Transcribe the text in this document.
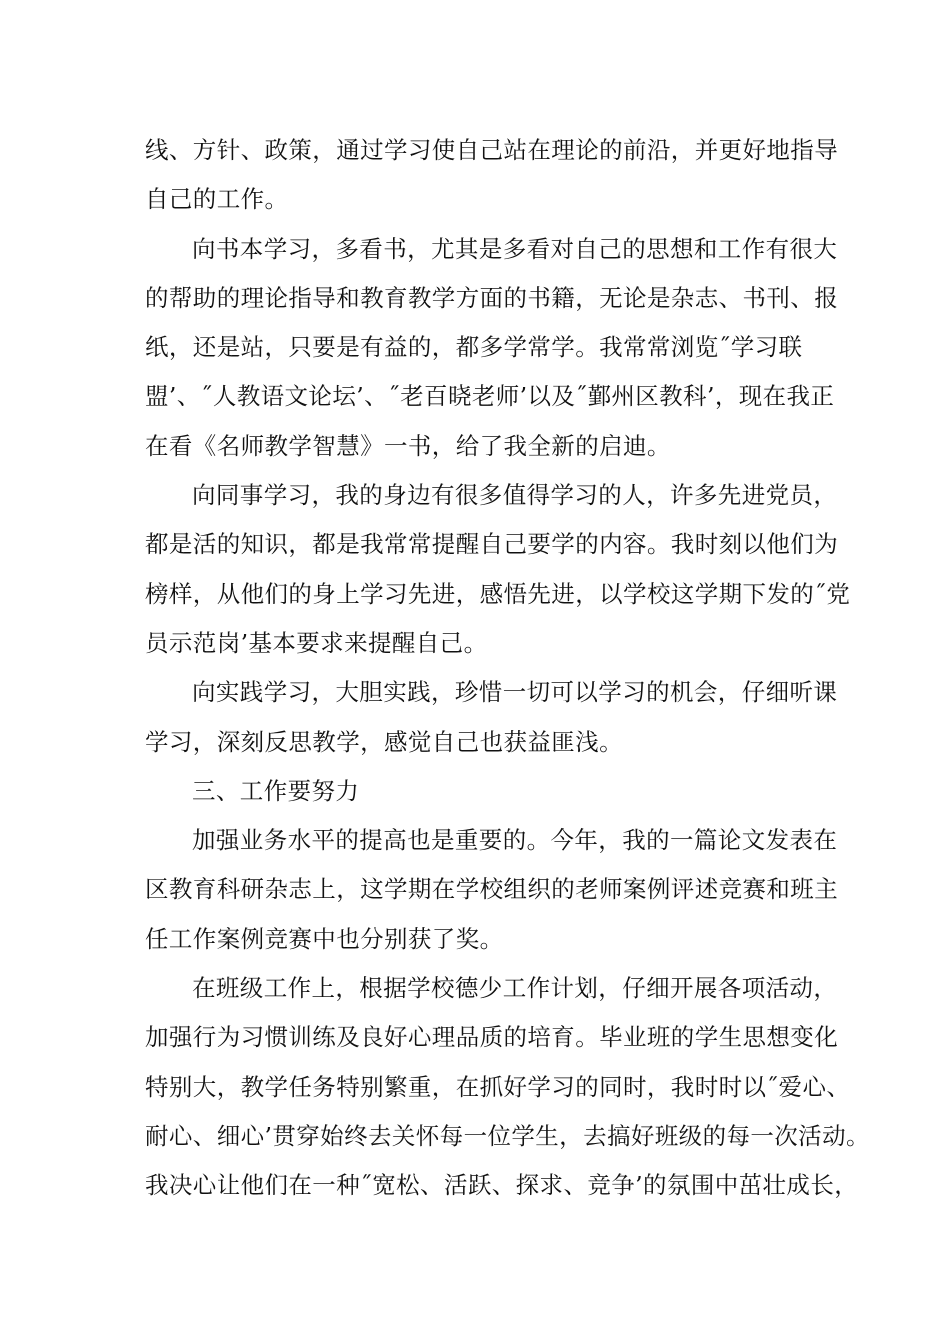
线、方针、政策，通过学习使自己站在理论的前沿，并更好地指导
自己的工作。
向书本学习，多看书，尤其是多看对自己的思想和工作有很大
的帮助的理论指导和教育教学方面的书籍，无论是杂志、书刊、报
纸，还是站，只要是有益的，都多学常学。我常常浏览˝学习联
盟’、˝人教语文论坛’、˝老百晓老师’以及˝鄞州区教科’，现在我正
在看《名师教学智慧》一书，给了我全新的启迪。
向同事学习，我的身边有很多值得学习的人，许多先进党员，
都是活的知识，都是我常常提醒自己要学的内容。我时刻以他们为
榜样，从他们的身上学习先进，感悟先进，以学校这学期下发的˝党
员示范岗’基本要求来提醒自己。
向实践学习，大胆实践，珍惜一切可以学习的机会，仔细听课
学习，深刻反思教学，感觉自己也获益匪浅。
三、工作要努力
加强业务水平的提高也是重要的。今年，我的一篇论文发表在
区教育科研杂志上，这学期在学校组织的老师案例评述竞赛和班主
任工作案例竞赛中也分别获了奖。
在班级工作上，根据学校德少工作计划，仔细开展各项活动，
加强行为习惯训练及良好心理品质的培育。毕业班的学生思想变化
特别大，教学任务特别繁重，在抓好学习的同时，我时时以˝爱心、
耐心、细心’贯穿始终去关怀每一位学生，去搞好班级的每一次活动。
我决心让他们在一种˝宽松、活跃、探求、竞争’的氛围中茁壮成长，
